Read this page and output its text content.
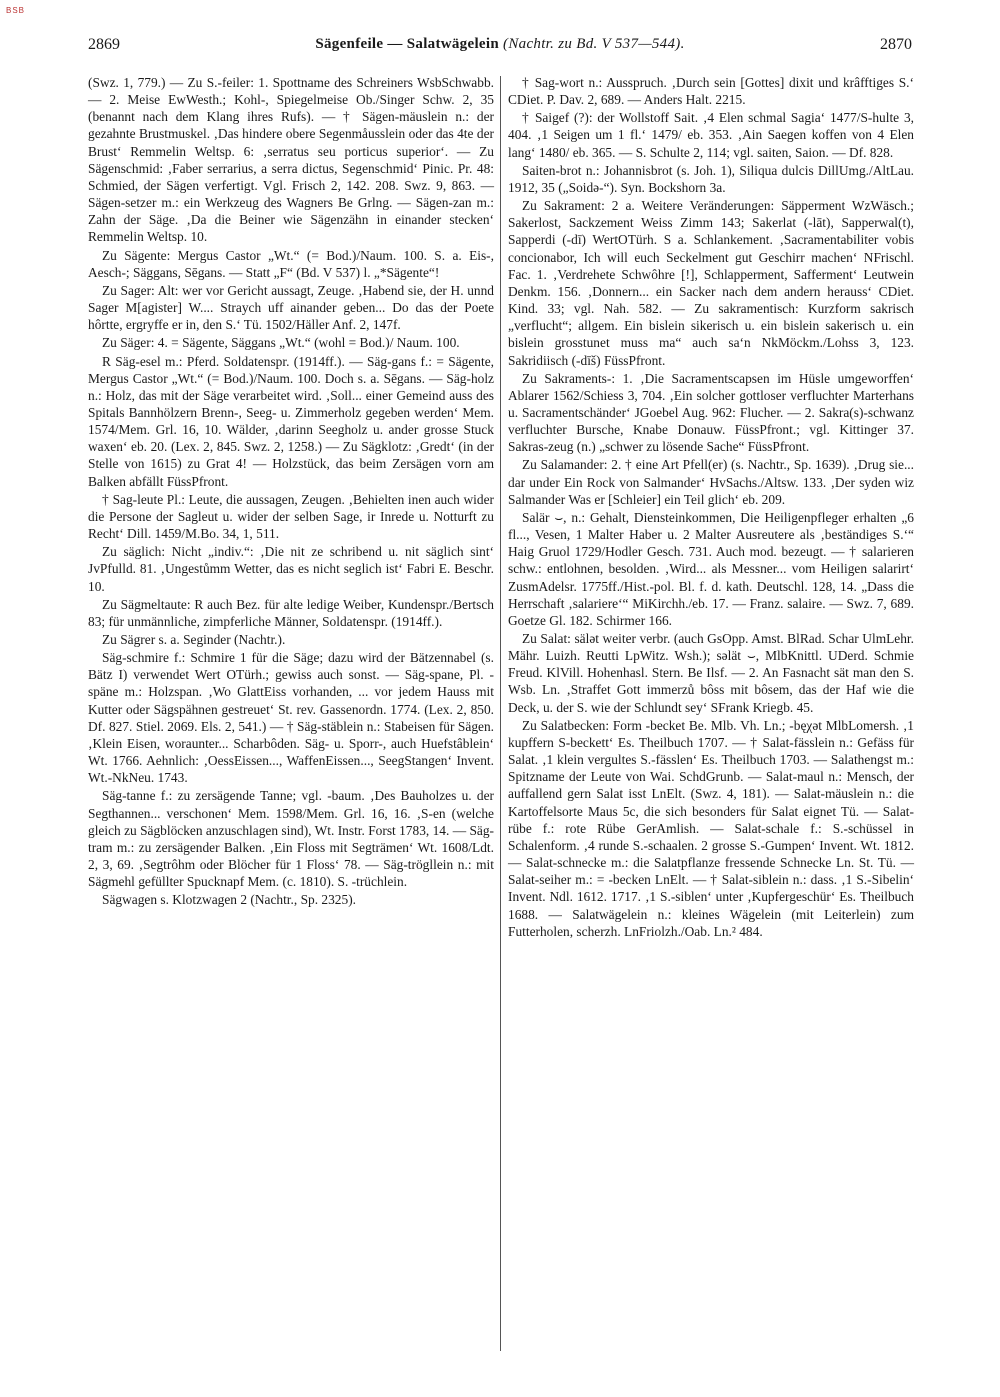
BSB
2869	Sägenfeile — Salatwägelein (Nachtr. zu Bd. V 537—544).	2870

(Swz. 1, 779.) — Zu S.-feiler: 1. Spottname des Schreiners WsbSchwabb. — 2. Meise EwWesth.; Kohl-, Spiegelmeise Ob./Singer Schw. 2, 35 (benannt nach dem Klang ihres Rufs). — † Sägen-mäuslein n.: der gezahnte Brustmuskel. ‚Das hindere obere Segenmåusslein oder das 4te der Brust‘ Remmelin Weltsp. 6: ‚serratus seu porticus superior‘. — Zu Sägenschmid: ‚Faber serrarius, a serra dictus, Segenschmid‘ Pinic. Pr. 48: Schmied, der Sägen verfertigt. Vgl. Frisch 2, 142. 208. Swz. 9, 863. — Sägen-setzer m.: ein Werkzeug des Wagners Be Grlng. — Sägen-zan m.: Zahn der Säge. ‚Da die Beiner wie Sägenzähn in einander stecken‘ Remmelin Weltsp. 10.

Zu Sägente: Mergus Castor „Wt.“ (= Bod.)/Naum. 100. S. a. Eis-, Aesch-; Säggans, Sēgans. — Statt „F“ (Bd. V 537) l. „*Sägente“!

Zu Sager: Alt: wer vor Gericht aussagt, Zeuge. ‚Habend sie, der H. unnd Sager M[agister] W.... Straych uff ainander geben... Do das der Poete hôrtte, ergryffe er in, den S.‘ Tü. 1502/Häller Anf. 2, 147f.

Zu Säger: 4. = Sägente, Säggans „Wt.“ (wohl = Bod.)/ Naum. 100.

R Säg-esel m.: Pferd. Soldatenspr. (1914ff.). — Säg-gans f.: = Sägente, Mergus Castor „Wt.“ (= Bod.)/Naum. 100. Doch s. a. Sēgans. — Säg-holz n.: Holz, das mit der Säge verarbeitet wird. ‚Soll... einer Gemeind auss des Spitals Bannhölzern Brenn-, Seeg- u. Zimmerholz gegeben werden‘ Mem. 1574/Mem. Grl. 16, 10. Wälder, ‚darinn Seegholz u. ander grosse Stuck waxen‘ eb. 20. (Lex. 2, 845. Swz. 2, 1258.) — Zu Sägklotz: ‚Gredt‘ (in der Stelle von 1615) zu Grat 4! — Holzstück, das beim Zersägen vorn am Balken abfällt FüssPfront.

† Sag-leute Pl.: Leute, die aussagen, Zeugen. ‚Behielten inen auch wider die Persone der Sagleut u. wider der selben Sage, ir Inrede u. Notturft zu Recht‘ Dill. 1459/M.Bo. 34, 1, 511.

Zu säglich: Nicht „indiv.“: ‚Die nit ze schribend u. nit säglich sint‘ JvPfulld. 81. ‚Ungestůmm Wetter, das es nicht seglich ist‘ Fabri E. Beschr. 10.

Zu Sägmeltaute: R auch Bez. für alte ledige Weiber, Kundenspr./Bertsch 83; für unmännliche, zimpferliche Männer, Soldatenspr. (1914ff.).

Zu Sägrer s. a. Seginder (Nachtr.).

Säg-schmire f.: Schmire 1 für die Säge; dazu wird der Bätzennabel (s. Bätz I) verwendet Wert OTürh.; gewiss auch sonst. — Säg-spane, Pl. -späne m.: Holzspan. ‚Wo GlattEiss vorhanden, ... vor jedem Hauss mit Kutter oder Sägspähnen gestreuet‘ St. rev. Gassenordn. 1774. (Lex. 2, 850. Df. 827. Stiel. 2069. Els. 2, 541.) — † Säg-stäblein n.: Stabeisen für Sägen. ‚Klein Eisen, woraunter... Scharbôden. Säg- u. Sporr-, auch Huefstâblein‘ Wt. 1766. Aehnlich: ‚OessEissen..., WaffenEissen..., SeegStangen‘ Invent. Wt.-NkNeu. 1743.

Säg-tanne f.: zu zersägende Tanne; vgl. -baum. ‚Des Bauholzes u. der Segthannen... verschonen‘ Mem. 1598/Mem. Grl. 16, 16. ‚S-en (welche gleich zu Sägblöcken anzuschlagen sind), Wt. Instr. Forst 1783, 14. — Säg-tram m.: zu zersägender Balken. ‚Ein Floss mit Segträmen‘ Wt. 1608/Ldt. 2, 3, 69. ‚Segtrôhm oder Blöcher für 1 Floss‘ 78. — Säg-trögllein n.: mit Sägmehl gefüllter Spucknapf Mem. (c. 1810). S. -trüchlein.

Sägwagen s. Klotzwagen 2 (Nachtr., Sp. 2325).

† Sag-wort n.: Ausspruch. ‚Durch sein [Gottes] dixit und krâfftiges S.‘ CDiet. P. Dav. 2, 689. — Anders Halt. 2215.

† Saigef (?): der Wollstoff Sait. ‚4 Elen schmal Sagia‘ 1477/S-hulte 3, 404. ‚1 Seigen um 1 fl.‘ 1479/ eb. 353. ‚Ain Saegen koffen von 4 Elen lang‘ 1480/ eb. 365. — S. Schulte 2, 114; vgl. saiten, Saion. — Df. 828.

Saiten-brot n.: Johannisbrot (s. Joh. 1), Siliqua dulcis DillUmg./AltLau. 1912, 35 („Soidə-“). Syn. Bockshorn 3a.

Zu Sakrament: 2 a. Weitere Veränderungen: Säpperment WzWäsch.; Sakerlost, Sackzement Weiss Zimm 143; Sakerlat (-lāt), Sapperwal(t), Sapperdi (-dī) WertOTürh. S a. Schlankement. ‚Sacramentabiliter vobis concionabor, Ich will euch Seckelment gut Geschirr machen‘ NFrischl. Fac. 1. ‚Verdrehete Schwôhre [!], Schlapperment, Safferment‘ Leutwein Denkm. 156. ‚Donnern... ein Sacker nach dem andern herauss‘ CDiet. Kind. 33; vgl. Nah. 582. — Zu sakramentisch: Kurzform sakrisch „verflucht“; allgem. Ein bislein sikerisch u. ein bislein sakerisch u. ein bislein grosstunet muss ma“ auch sa‘n NkMöckm./Lohss 3, 123. Sakridiisch (-dīš) FüssPfront.

Zu Sakraments-: 1. ‚Die Sacramentscapsen im Hüsle umgeworffen‘ Ablarer 1562/Schiess 3, 704. ‚Ein solcher gottloser verfluchter Marterhans u. Sacramentschänder‘ JGoebel Aug. 962: Flucher. — 2. Sakra(s)-schwanz verfluchter Bursche, Knabe Donauw. FüssPfront.; vgl. Kittinger 37. Sakras-zeug (n.) „schwer zu lösende Sache“ FüssPfront.

Zu Salamander: 2. † eine Art Pfell(er) (s. Nachtr., Sp. 1639). ‚Drug sie... dar under Ein Rock von Salmander‘ HvSachs./Altsw. 133. ‚Der syden wiz Salmander Was er [Schleier] ein Teil glich‘ eb. 209.

Salär ⌣, n.: Gehalt, Diensteinkommen, Die Heiligenpfleger erhalten „6 fl..., Vesen, 1 Malter Haber u. 2 Malter Ausreutere als ‚beständiges S.‘“ Haig Gruol 1729/Hodler Gesch. 731. Auch mod. bezeugt. — † salarieren schw.: entlohnen, besolden. ‚Wird... als Messner... vom Heiligen salarirt‘ ZusmAdelsr. 1775ff./Hist.-pol. Bl. f. d. kath. Deutschl. 128, 14. „Dass die Herrschaft ‚salariere‘“ MiKirchh./eb. 17. — Franz. salaire. — Swz. 7, 689. Goetze Gl. 182. Schirmer 166.

Zu Salat: sälət weiter verbr. (auch GsOpp. Amst. BlRad. Schar UlmLehr. Mähr. Luizh. Reutti LpWitz. Wsh.); səlät ⌣, MlbKnittl. UDerd. Schmie Freud. KlVill. Hohenhasl. Stern. Be Ilsf. — 2. An Fasnacht sät man den S. Wsb. Ln. ‚Straffet Gott immerzů bôss mit bôsem, das der Haf wie die Deck, u. der S. wie der Schlundt sey‘ SFrank Kriegb. 45.

Zu Salatbecken: Form -becket Be. Mlb. Vh. Ln.; -bęχət MlbLomersh. ‚1 kupffern S-beckett‘ Es. Theilbuch 1707. — † Salat-fässlein n.: Gefäss für Salat. ‚1 klein vergultes S.-fässlen‘ Es. Theilbuch 1703. — Salathengst m.: Spitzname der Leute von Wai. SchdGrunb. — Salat-maul n.: Mensch, der auffallend gern Salat isst LnElt. (Swz. 4, 181). — Salat-mäuslein n.: die Kartoffelsorte Maus 5c, die sich besonders für Salat eignet Tü. — Salat-rübe f.: rote Rübe GerAmlish. — Salat-schale f.: S.-schüssel in Schalenform. ‚4 runde S.-schaalen. 2 grosse S.-Gumpen‘ Invent. Wt. 1812. — Salat-schnecke m.: die Salatpflanze fressende Schnecke Ln. St. Tü. — Salat-seiher m.: = -becken LnElt. — † Salat-siblein n.: dass. ‚1 S.-Sibelin‘ Invent. Ndl. 1612. 1717. ‚1 S.-siblen‘ unter ‚Kupfergeschür‘ Es. Theilbuch 1688. — Salatwägelein n.: kleines Wägelein (mit Leiterlein) zum Futterholen, scherzh. LnFriolzh./Oab. Ln.² 484.
